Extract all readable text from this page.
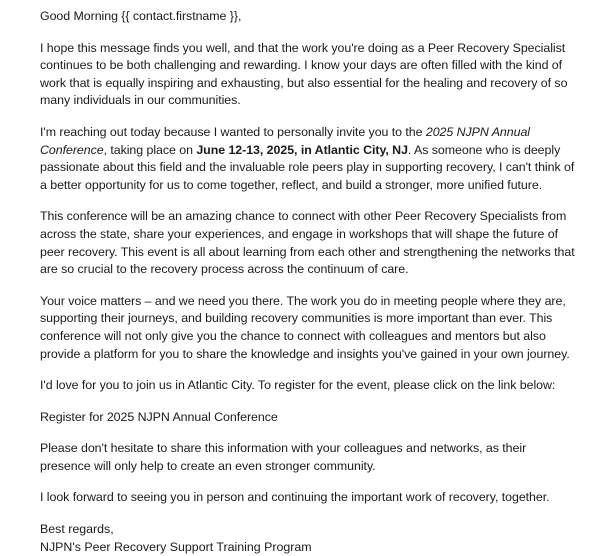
Good Morning {{ contact.firstname }},

I hope this message finds you well, and that the work you're doing as a Peer Recovery Specialist continues to be both challenging and rewarding. I know your days are often filled with the kind of work that is equally inspiring and exhausting, but also essential for the healing and recovery of so many individuals in our communities.

I'm reaching out today because I wanted to personally invite you to the 2025 NJPN Annual Conference, taking place on June 12-13, 2025, in Atlantic City, NJ. As someone who is deeply passionate about this field and the invaluable role peers play in supporting recovery, I can't think of a better opportunity for us to come together, reflect, and build a stronger, more unified future.

This conference will be an amazing chance to connect with other Peer Recovery Specialists from across the state, share your experiences, and engage in workshops that will shape the future of peer recovery. This event is all about learning from each other and strengthening the networks that are so crucial to the recovery process across the continuum of care.

Your voice matters – and we need you there. The work you do in meeting people where they are, supporting their journeys, and building recovery communities is more important than ever. This conference will not only give you the chance to connect with colleagues and mentors but also provide a platform for you to share the knowledge and insights you've gained in your own journey.

I'd love for you to join us in Atlantic City. To register for the event, please click on the link below:

Register for 2025 NJPN Annual Conference

Please don't hesitate to share this information with your colleagues and networks, as their presence will only help to create an even stronger community.

I look forward to seeing you in person and continuing the important work of recovery, together.

Best regards,
NJPN's Peer Recovery Support Training Program
